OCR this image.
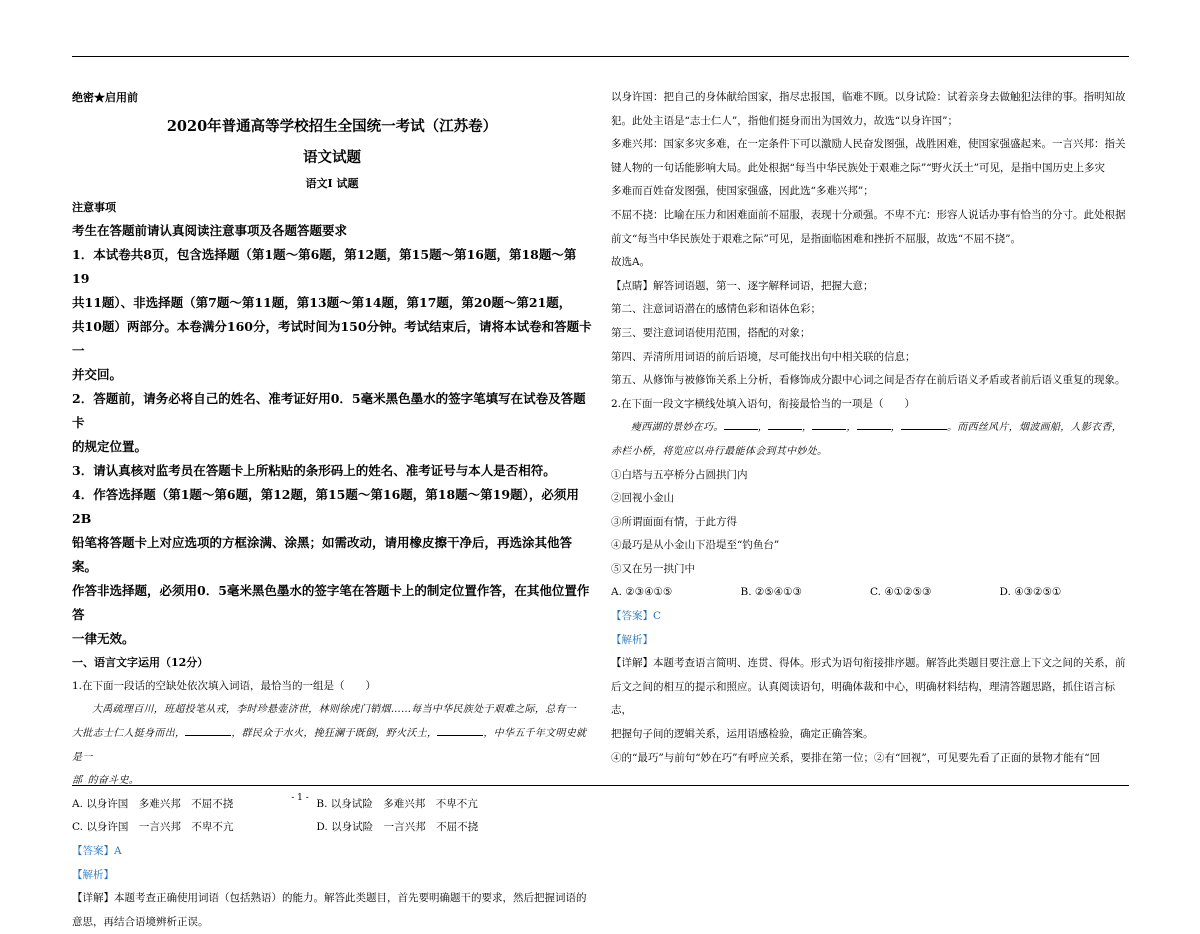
绝密★启用前

2020年普通高等学校招生全国统一考试（江苏卷）

语文试题

语文Ⅰ 试题

注意事项

考生在答题前请认真阅读注意事项及各题答题要求

1．本试卷共8页，包含选择题（第1题～第6题，第12题，第15题～第16题，第18题～第19

共11题）、非选择题（第7题～第11题，第13题～第14题，第17题，第20题～第21题，

共10题）两部分。本卷满分160分，考试时间为150分钟。考试结束后，请将本试卷和答题卡一

并交回。

2．答题前，请务必将自己的姓名、准考证好用0．5毫米黑色墨水的签字笔填写在试卷及答题卡

的规定位置。

3．请认真核对监考员在答题卡上所粘贴的条形码上的姓名、准考证号与本人是否相符。

4．作答选择题（第1题～第6题，第12题，第15题～第16题，第18题～第19题），必须用2B

铅笔将答题卡上对应选项的方框涂满、涂黑；如需改动，请用橡皮擦干净后，再选涂其他答案。

作答非选择题，必须用0．5毫米黑色墨水的签字笔在答题卡上的制定位置作答，在其他位置作答

一律无效。

一、语言文字运用（12分）

1.在下面一段话的空缺处依次填入词语，最恰当的一组是（　　）

大禹疏理百川，班超投笔从戎，李时珍悬壶济世，林则徐虎门销烟……每当中华民族处于艰难之际，总有一

大批志士仁人挺身而出，	，群民众于水火，挽狂澜于既倒，野火沃土，	，中华五千年文明史就是一

部_的奋斗史。

A. 以身许国　多难兴邦　不屈不挠	B. 以身试险　多难兴邦　不卑不亢
C. 以身许国　一言兴邦　不卑不亢	D. 以身试险　一言兴邦　不屈不挠

【答案】A

【解析】

【详解】本题考查正确使用词语（包括熟语）的能力。解答此类题目，首先要明确题干的要求，然后把握词语的

意思，再结合语境辨析正误。

以身许国：把自己的身体献给国家，指尽忠报国，临难不顾。以身试险：试着亲身去做触犯法律的事。指明知故

犯。此处主语是“志士仁人”，指他们挺身而出为国效力，故选“以身许国”；

多难兴邦：国家多灾多难，在一定条件下可以激励人民奋发图强，战胜困难，使国家强盛起来。一言兴邦：指关

键人物的一句话能影响大局。此处根据“每当中华民族处于艰难之际”“野火沃土”可见，是指中国历史上多灾

多难而百姓奋发图强，使国家强盛，因此选“多难兴邦”；

不屈不挠：比喻在压力和困难面前不屈服，表现十分顽强。不卑不亢：形容人说话办事有恰当的分寸。此处根据

前文“每当中华民族处于艰难之际”可见，是指面临困难和挫折不屈服，故选“不屈不挠”。

故选A。

【点睛】解答词语题，第一、逐字解释词语，把握大意；

第二、注意词语潜在的感情色彩和语体色彩；

第三、要注意词语使用范围，搭配的对象；

第四、弄清所用词语的前后语境，尽可能找出句中相关联的信息；

第五、从修饰与被修饰关系上分析，看修饰成分跟中心词之间是否存在前后语义矛盾或者前后语义重复的现象。

2.在下面一段文字横线处填入语句，衔接最恰当的一项是（　　）

瘦西湖的景妙在巧。	，	，	，	，	。而西丝风片，烟波画船，人影衣香，

赤栏小桥，将览应以舟行最能体会到其中妙处。

①白塔与五亭桥分占圆拱门内

②回视小金山

③所谓面面有情，于此方得

④最巧是从小金山下沿堤至“钓鱼台”

⑤又在另一拱门中

A. ②③④①⑤	B. ②⑤④①③	C. ④①②⑤③	D. ④③②⑤①

【答案】C

【解析】

【详解】本题考查语言简明、连贯、得体。形式为语句衔接排序题。解答此类题目要注意上下文之间的关系，前

后文之间的相互的提示和照应。认真阅读语句，明确体裁和中心，明确材料结构，理清答题思路，抓住语言标志，

把握句子间的逻辑关系，运用语感检验，确定正确答案。

④的“最巧”与前句“妙在巧”有呼应关系，要排在第一位；②有“回视”，可见要先看了正面的景物才能有“回

- 1 -
